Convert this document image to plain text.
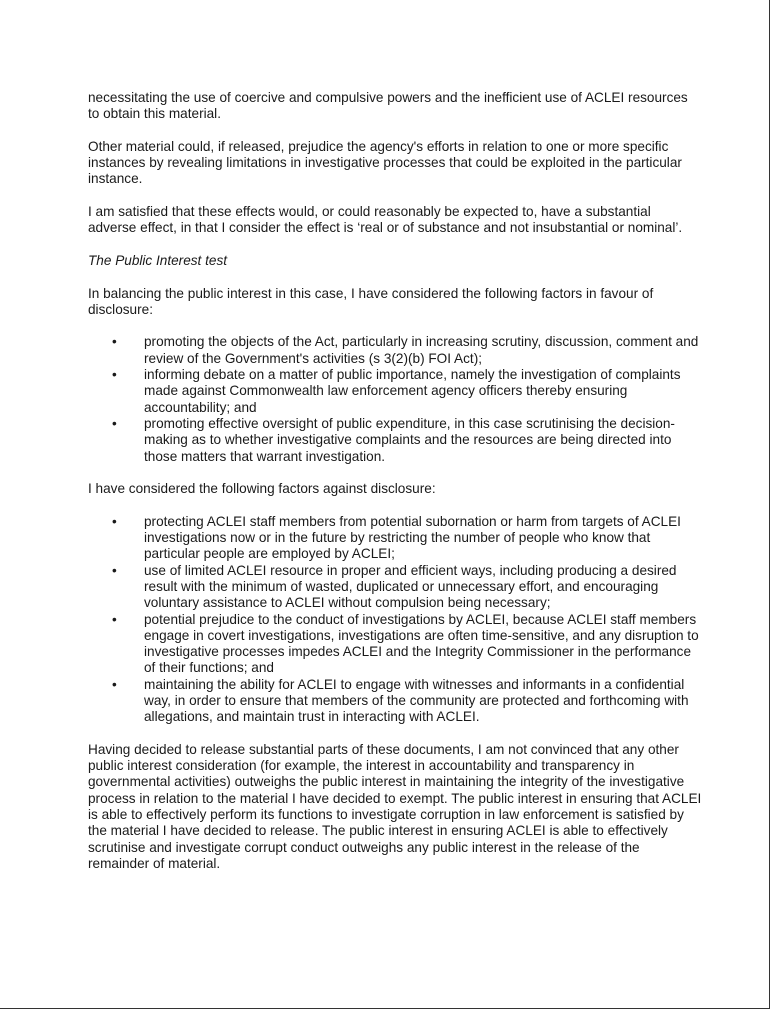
necessitating the use of coercive and compulsive powers and the inefficient use of ACLEI resources to obtain this material.

Other material could, if released, prejudice the agency's efforts in relation to one or more specific instances by revealing limitations in investigative processes that could be exploited in the particular instance.

I am satisfied that these effects would, or could reasonably be expected to, have a substantial adverse effect, in that I consider the effect is ‘real or of substance and not insubstantial or nominal’.

The Public Interest test

In balancing the public interest in this case, I have considered the following factors in favour of disclosure:

• promoting the objects of the Act, particularly in increasing scrutiny, discussion, comment and review of the Government's activities (s 3(2)(b) FOI Act);
• informing debate on a matter of public importance, namely the investigation of complaints made against Commonwealth law enforcement agency officers thereby ensuring accountability; and
• promoting effective oversight of public expenditure, in this case scrutinising the decision-making as to whether investigative complaints and the resources are being directed into those matters that warrant investigation.

I have considered the following factors against disclosure:

• protecting ACLEI staff members from potential subornation or harm from targets of ACLEI investigations now or in the future by restricting the number of people who know that particular people are employed by ACLEI;
• use of limited ACLEI resource in proper and efficient ways, including producing a desired result with the minimum of wasted, duplicated or unnecessary effort, and encouraging voluntary assistance to ACLEI without compulsion being necessary;
• potential prejudice to the conduct of investigations by ACLEI, because ACLEI staff members engage in covert investigations, investigations are often time-sensitive, and any disruption to investigative processes impedes ACLEI and the Integrity Commissioner in the performance of their functions; and
• maintaining the ability for ACLEI to engage with witnesses and informants in a confidential way, in order to ensure that members of the community are protected and forthcoming with allegations, and maintain trust in interacting with ACLEI.

Having decided to release substantial parts of these documents, I am not convinced that any other public interest consideration (for example, the interest in accountability and transparency in governmental activities) outweighs the public interest in maintaining the integrity of the investigative process in relation to the material I have decided to exempt. The public interest in ensuring that ACLEI is able to effectively perform its functions to investigate corruption in law enforcement is satisfied by the material I have decided to release. The public interest in ensuring ACLEI is able to effectively scrutinise and investigate corrupt conduct outweighs any public interest in the release of the remainder of material.
